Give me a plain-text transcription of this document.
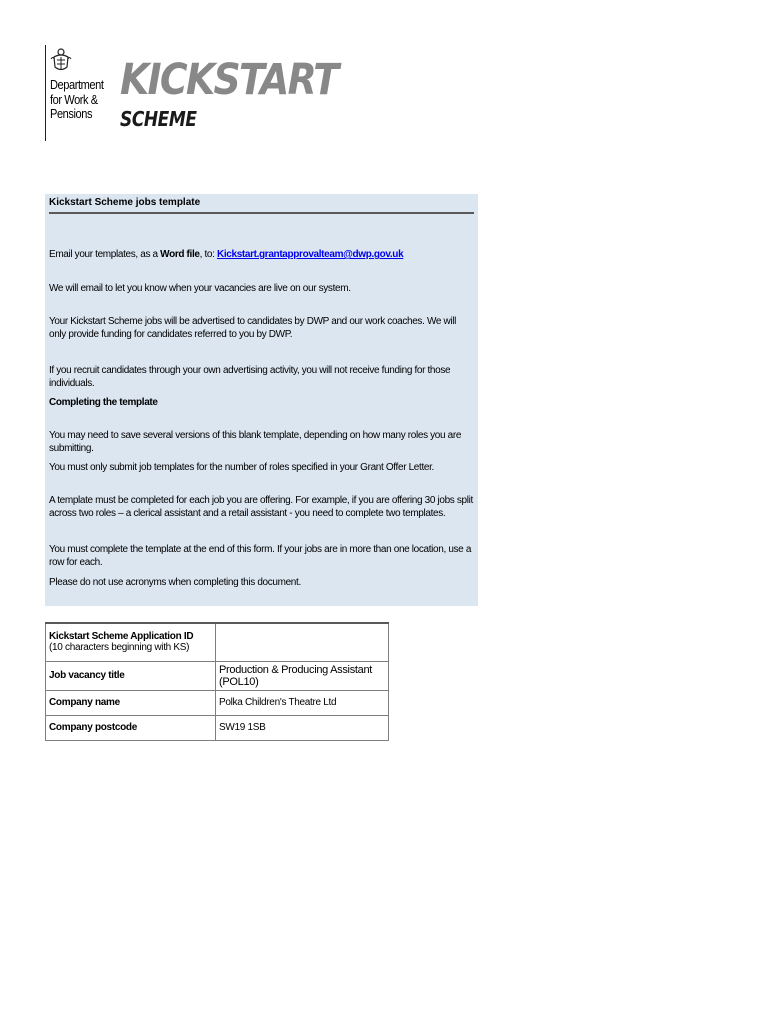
Department
for Work &
Pensions
KICKSTART
SCHEME
Kickstart Scheme jobs template
Email your templates, as a Word file, to: Kickstart.grantapprovalteam@dwp.gov.uk
We will email to let you know when your vacancies are live on our system.
Your Kickstart Scheme jobs will be advertised to candidates by DWP and our work coaches. We will only provide funding for candidates referred to you by DWP.
If you recruit candidates through your own advertising activity, you will not receive funding for those individuals.
Completing the template
You may need to save several versions of this blank template, depending on how many roles you are submitting.
You must only submit job templates for the number of roles specified in your Grant Offer Letter.
A template must be completed for each job you are offering. For example, if you are offering 30 jobs split across two roles – a clerical assistant and a retail assistant - you need to complete two templates.
You must complete the template at the end of this form. If your jobs are in more than one location, use a row for each.
Please do not use acronyms when completing this document.
Kickstart Scheme Application ID
(10 characters beginning with KS)	

Job vacancy title	Production & Producing Assistant (POL10)
Company name	Polka Children's Theatre Ltd
Company postcode	SW19 1SB
